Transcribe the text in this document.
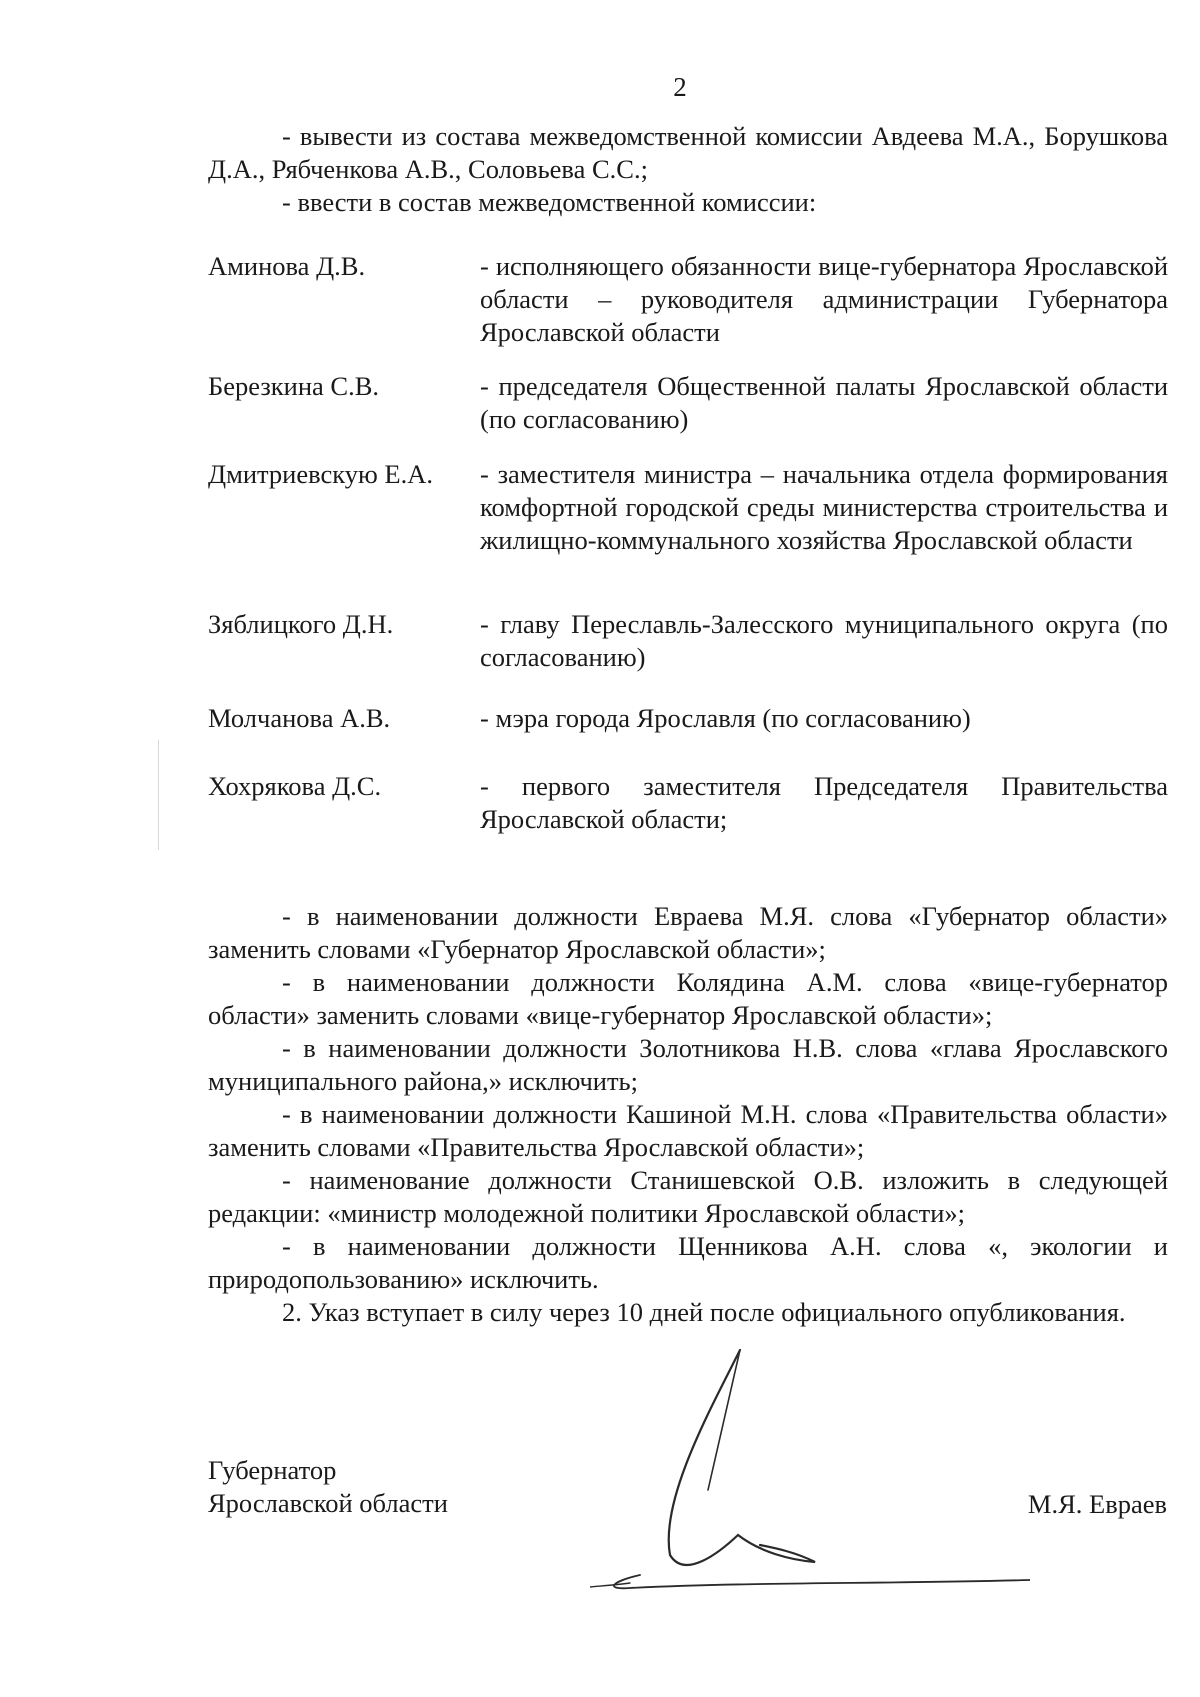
2

- вывести из состава межведомственной комиссии Авдеева М.А., Борушкова Д.А., Рябченкова А.В., Соловьева С.С.;

- ввести в состав межведомственной комиссии:

Аминова Д.В.	- исполняющего обязанности вице-губернатора Ярославской области – руководителя администрации Губернатора Ярославской области
Березкина С.В.	- председателя Общественной палаты Ярославской области (по согласованию)
Дмитриевскую Е.А. - заместителя министра – начальника отдела формирования комфортной городской среды министерства строительства и жилищно-коммунального хозяйства Ярославской области
Зяблицкого Д.Н.	- главу Переславль-Залесского муниципального округа (по согласованию)
Молчанова А.В.	- мэра города Ярославля (по согласованию)
Хохрякова Д.С.	- первого заместителя Председателя Правительства Ярославской области;

- в наименовании должности Евраева М.Я. слова «Губернатор области» заменить словами «Губернатор Ярославской области»;

- в наименовании должности Колядина А.М. слова «вице-губернатор области» заменить словами «вице-губернатор Ярославской области»;

- в наименовании должности Золотникова Н.В. слова «глава Ярославского муниципального района,» исключить;

- в наименовании должности Кашиной М.Н. слова «Правительства области» заменить словами «Правительства Ярославской области»;

- наименование должности Станишевской О.В. изложить в следующей редакции: «министр молодежной политики Ярославской области»;

- в наименовании должности Щенникова А.Н. слова «, экологии и природопользованию» исключить.

2. Указ вступает в силу через 10 дней после официального опубликования.

Губернатор
Ярославской области	М.Я. Евраев
